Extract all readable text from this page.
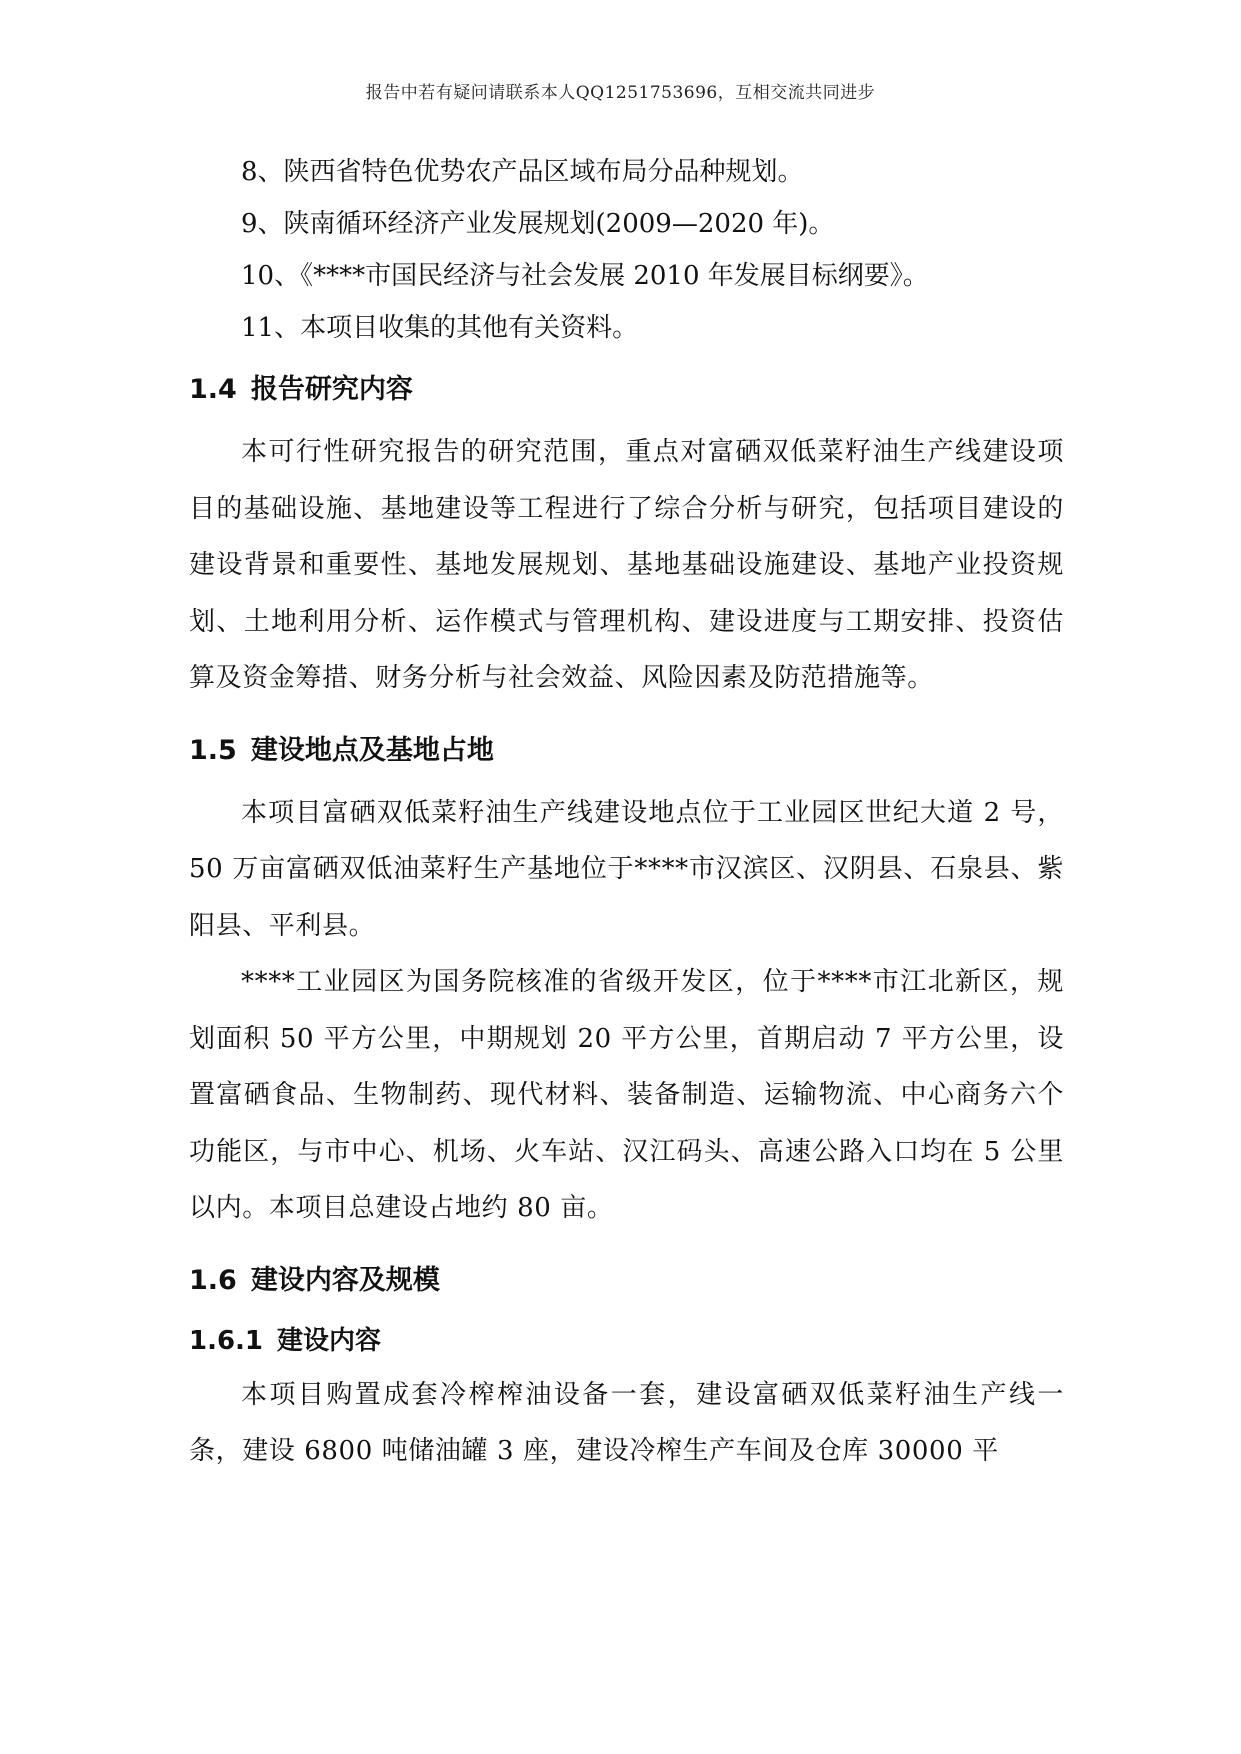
报告中若有疑问请联系本人QQ1251753696，互相交流共同进步

8、陕西省特色优势农产品区域布局分品种规划。

9、陕南循环经济产业发展规划(2009—2020 年)。

10、《****市国民经济与社会发展 2010 年发展目标纲要》。

11、本项目收集的其他有关资料。

1.4 报告研究内容

本可行性研究报告的研究范围，重点对富硒双低菜籽油生产线建设项目的基础设施、基地建设等工程进行了综合分析与研究，包括项目建设的建设背景和重要性、基地发展规划、基地基础设施建设、基地产业投资规划、土地利用分析、运作模式与管理机构、建设进度与工期安排、投资估算及资金筹措、财务分析与社会效益、风险因素及防范措施等。

1.5 建设地点及基地占地

本项目富硒双低菜籽油生产线建设地点位于工业园区世纪大道 2 号，50 万亩富硒双低油菜籽生产基地位于****市汉滨区、汉阴县、石泉县、紫阳县、平利县。

****工业园区为国务院核准的省级开发区，位于****市江北新区，规划面积 50 平方公里，中期规划 20 平方公里，首期启动 7 平方公里，设置富硒食品、生物制药、现代材料、装备制造、运输物流、中心商务六个功能区，与市中心、机场、火车站、汉江码头、高速公路入口均在 5 公里以内。本项目总建设占地约 80 亩。

1.6 建设内容及规模
1.6.1 建设内容

本项目购置成套冷榨榨油设备一套，建设富硒双低菜籽油生产线一条，建设 6800 吨储油罐 3 座，建设冷榨生产车间及仓库 30000 平
